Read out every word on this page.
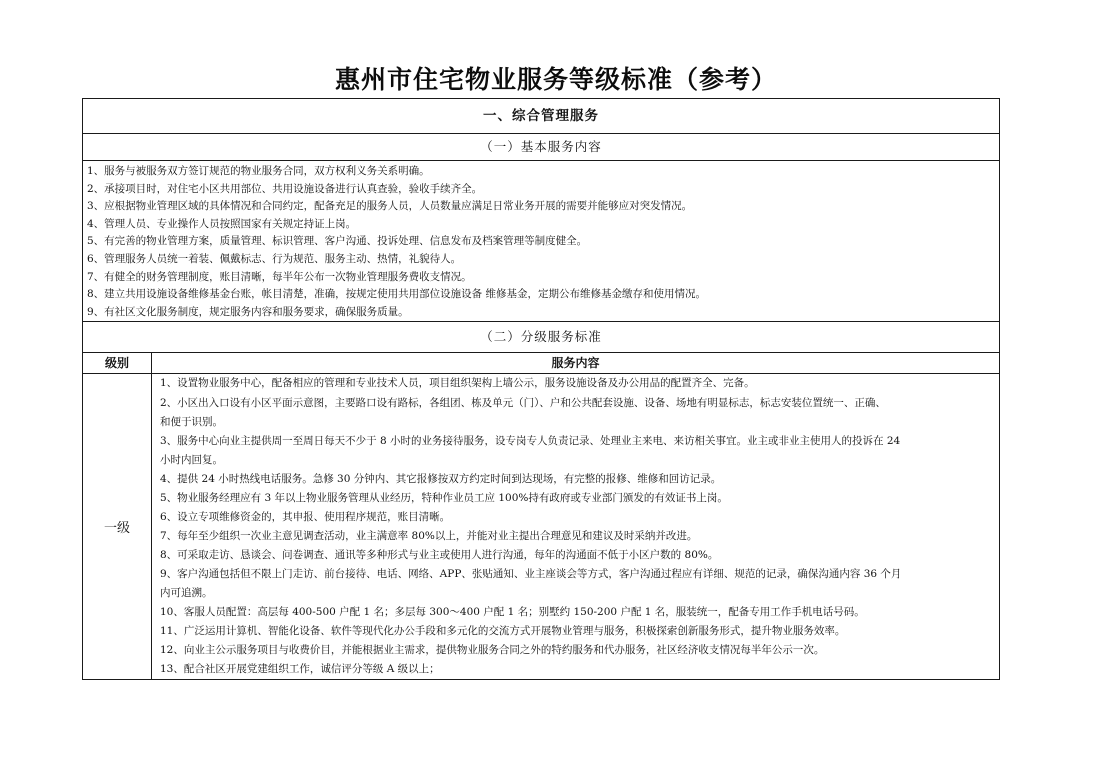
惠州市住宅物业服务等级标准（参考）
一、综合管理服务
（一）基本服务内容
1、服务与被服务双方签订规范的物业服务合同，双方权利义务关系明确。
2、承接项目时，对住宅小区共用部位、共用设施设备进行认真查验，验收手续齐全。
3、应根据物业管理区域的具体情况和合同约定，配备充足的服务人员，人员数量应满足日常业务开展的需要并能够应对突发情况。
4、管理人员、专业操作人员按照国家有关规定持证上岗。
5、有完善的物业管理方案，质量管理、标识管理、客户沟通、投诉处理、信息发布及档案管理等制度健全。
6、管理服务人员统一着装、佩戴标志、行为规范、服务主动、热情，礼貌待人。
7、有健全的财务管理制度，账目清晰，每半年公布一次物业管理服务费收支情况。
8、建立共用设施设备维修基金台账，帐目清楚，准确，按规定使用共用部位设施设备 维修基金，定期公布维修基金缴存和使用情况。
9、有社区文化服务制度，规定服务内容和服务要求，确保服务质量。
（二）分级服务标准
级别	服务内容
一级
1、设置物业服务中心，配备相应的管理和专业技术人员，项目组织架构上墙公示，服务设施设备及办公用品的配置齐全、完备。
2、小区出入口设有小区平面示意图，主要路口设有路标，各组团、栋及单元（门）、户和公共配套设施、设备、场地有明显标志，标志安装位置统一、正确、
和便于识别。
3、服务中心向业主提供周一至周日每天不少于 8 小时的业务接待服务，设专岗专人负责记录、处理业主来电、来访相关事宜。业主或非业主使用人的投诉在 24
小时内回复。
4、提供 24 小时热线电话服务。急修 30 分钟内、其它报修按双方约定时间到达现场，有完整的报修、维修和回访记录。
5、物业服务经理应有 3 年以上物业服务管理从业经历，特种作业员工应 100%持有政府或专业部门颁发的有效证书上岗。
6、设立专项维修资金的，其申报、使用程序规范，账目清晰。
7、每年至少组织一次业主意见调查活动，业主满意率 80%以上，并能对业主提出合理意见和建议及时采纳并改进。
8、可采取走访、恳谈会、问卷调查、通讯等多种形式与业主或使用人进行沟通，每年的沟通面不低于小区户数的 80%。
9、客户沟通包括但不限上门走访、前台接待、电话、网络、APP、张贴通知、业主座谈会等方式，客户沟通过程应有详细、规范的记录，确保沟通内容 36 个月
内可追溯。
10、客服人员配置：高层每 400-500 户配 1 名；多层每 300～400 户配 1 名；别墅约 150-200 户配 1 名，服装统一，配备专用工作手机电话号码。
11、广泛运用计算机、智能化设备、软件等现代化办公手段和多元化的交流方式开展物业管理与服务，积极探索创新服务形式，提升物业服务效率。
12、向业主公示服务项目与收费价目，并能根据业主需求，提供物业服务合同之外的特约服务和代办服务，社区经济收支情况每半年公示一次。
13、配合社区开展党建组织工作，诚信评分等级 A 级以上；
